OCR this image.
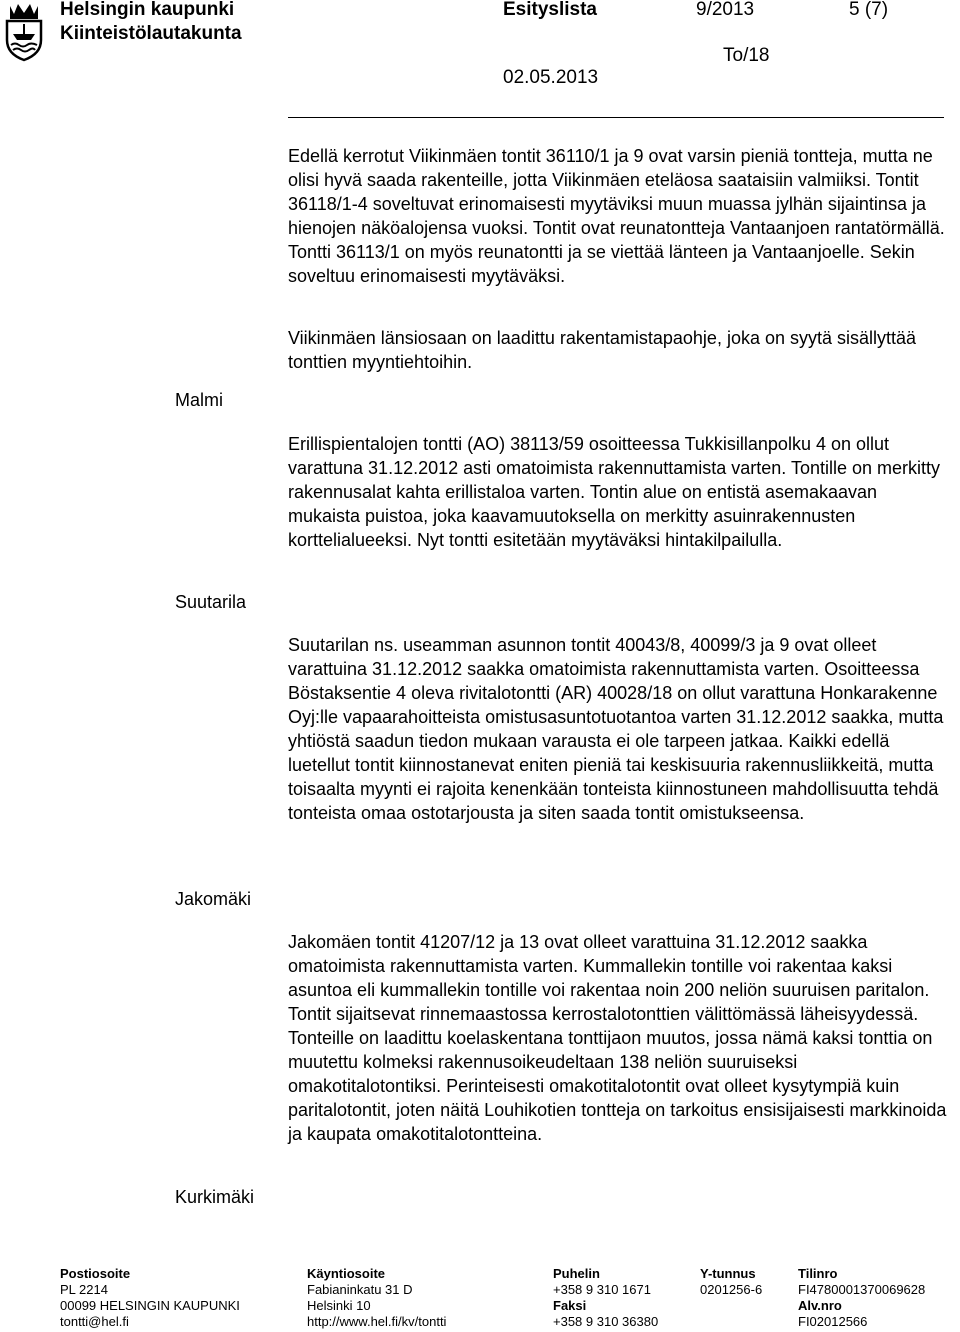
Helsingin kaupunki
Kiinteistölautakunta
Esityslista	9/2013	5 (7)
To/18
02.05.2013
Malmi
Suutarila
Jakomäki
Kurkimäki
Edellä kerrotut Viikinmäen tontit 36110/1 ja 9 ovat varsin pieniä tontteja, mutta ne olisi hyvä saada rakenteille, jotta Viikinmäen eteläosa saataisiin valmiiksi. Tontit 36118/1-4 soveltuvat erinomaisesti myytäviksi muun muassa jylhän sijaintinsa ja hienojen näköalojensa vuoksi. Tontit ovat reunatontteja Vantaanjoen rantatörmällä. Tontti 36113/1 on myös reunatontti ja se viettää länteen ja Vantaanjoelle. Sekin soveltuu erinomaisesti myytäväksi.
Viikinmäen länsiosaan on laadittu rakentamistapaohje, joka on syytä sisällyttää tonttien myyntiehtoihin.
Erillispientalojen tontti (AO) 38113/59 osoitteessa Tukkisillanpolku 4 on ollut varattuna 31.12.2012 asti omatoimista rakennuttamista varten. Tontille on merkitty rakennusalat kahta erillistaloa varten. Tontin alue on entistä asemakaavan mukaista puistoa, joka kaavamuutoksella on merkitty asuinrakennusten korttelialueeksi. Nyt tontti esitetään myytäväksi hintakilpailulla.
Suutarilan ns. useamman asunnon tontit 40043/8, 40099/3 ja 9 ovat olleet varattuina 31.12.2012 saakka omatoimista rakennuttamista varten. Osoitteessa Böstaksentie 4 oleva rivitalotontti (AR) 40028/18 on ollut varattuna Honkarakenne Oyj:lle vapaarahoitteista omistusasuntotuotantoa varten 31.12.2012 saakka, mutta yhtiöstä saadun tiedon mukaan varausta ei ole tarpeen jatkaa. Kaikki edellä luetellut tontit kiinnostanevat eniten pieniä tai keskisuuria rakennusliikkeitä, mutta toisaalta myynti ei rajoita kenenkään tonteista kiinnostuneen mahdollisuutta tehdä tonteista omaa ostotarjousta ja siten saada tontit omistukseensa.
Jakomäen tontit 41207/12 ja 13 ovat olleet varattuina 31.12.2012 saakka omatoimista rakennuttamista varten. Kummallekin tontille voi rakentaa kaksi asuntoa eli kummallekin tontille voi rakentaa noin 200 neliön suuruisen paritalon. Tontit sijaitsevat rinnemaastossa kerrostalotonttien välittömässä läheisyydessä. Tonteille on laadittu koelaskentana tonttijaon muutos, jossa nämä kaksi tonttia on muutettu kolmeksi rakennusoikeudeltaan 138 neliön suuruiseksi omakotitalotontiksi. Perinteisesti omakotitalotontit ovat olleet kysytympiä kuin paritalotontit, joten näitä Louhikotien tontteja on tarkoitus ensisijaisesti markkinoida ja kaupata omakotitalotontteina.
Postiosoite
PL 2214
00099 HELSINGIN KAUPUNKI
tontti@hel.fi
Käyntiosoite
Fabianinkatu 31 D
Helsinki 10
http://www.hel.fi/kv/tontti
Puhelin
+358 9 310 1671
Faksi
+358 9 310 36380
Y-tunnus
0201256-6
Tilinro
FI4780001370069628
Alv.nro
FI02012566
